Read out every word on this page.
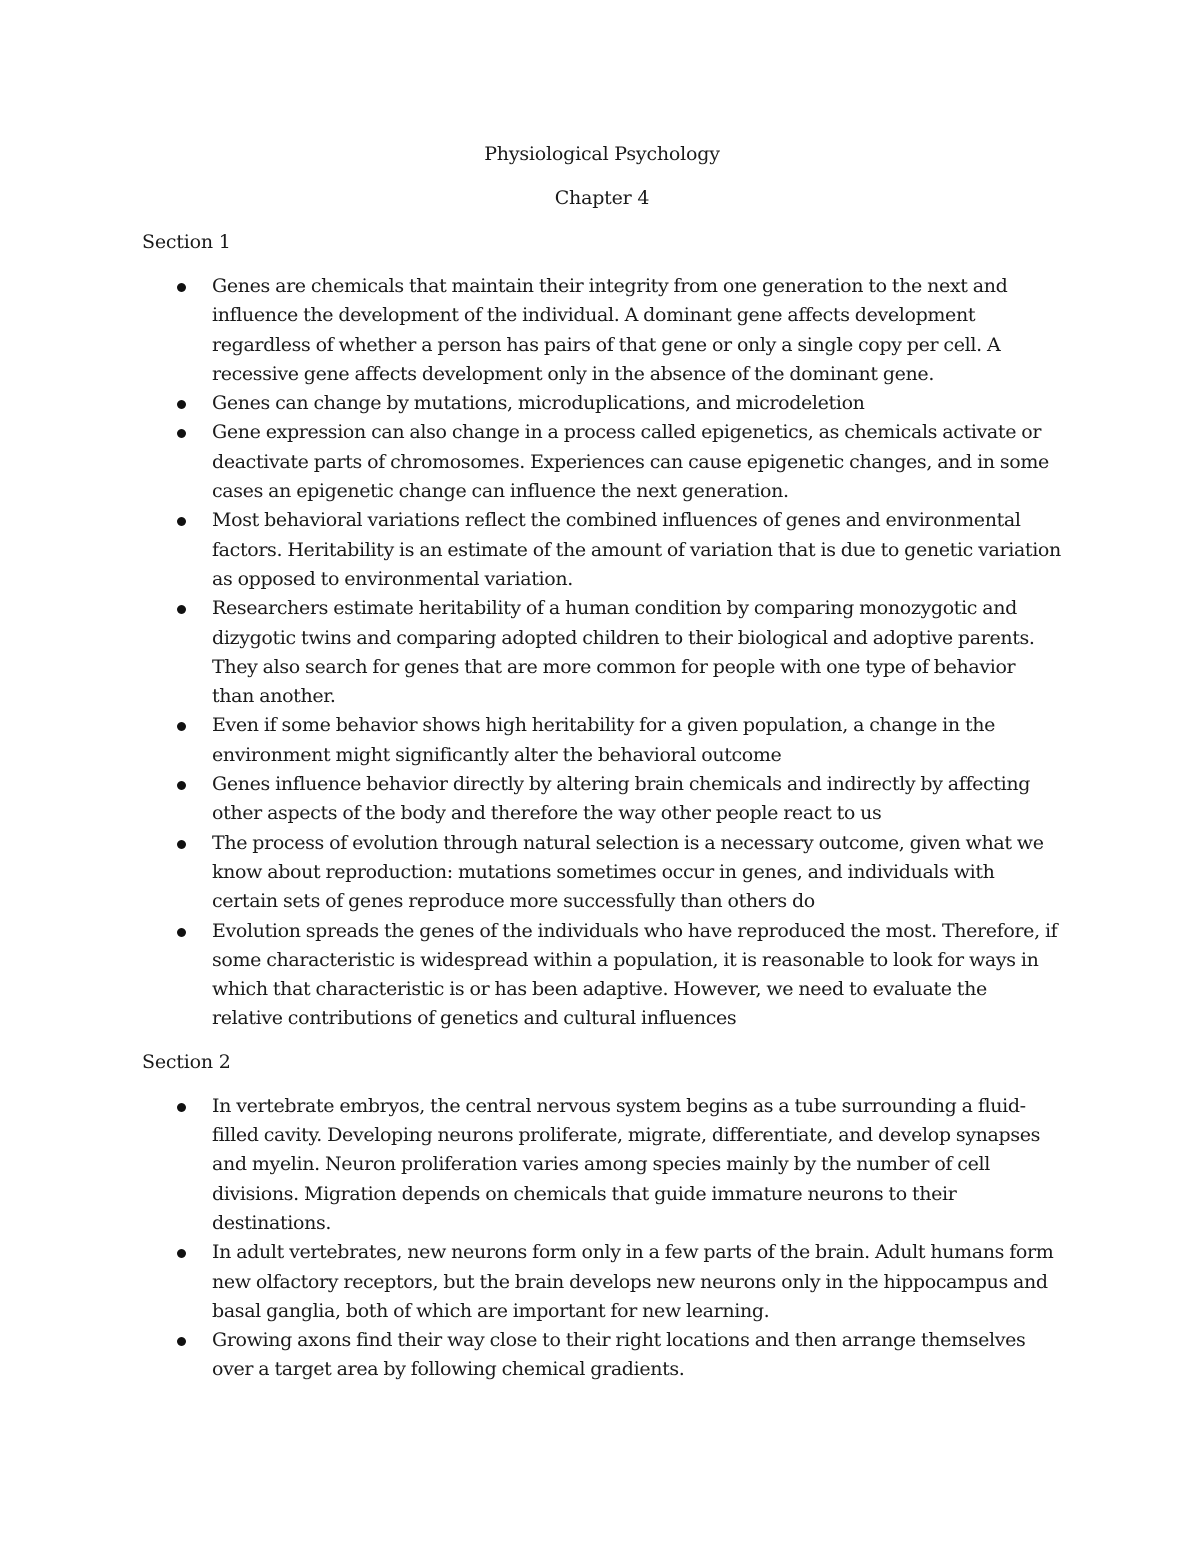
Physiological Psychology

Chapter 4

Section 1

Genes are chemicals that maintain their integrity from one generation to the next and influence the development of the individual. A dominant gene affects development regardless of whether a person has pairs of that gene or only a single copy per cell. A recessive gene affects development only in the absence of the dominant gene.
Genes can change by mutations, microduplications, and microdeletion
Gene expression can also change in a process called epigenetics, as chemicals activate or deactivate parts of chromosomes. Experiences can cause epigenetic changes, and in some cases an epigenetic change can influence the next generation.
Most behavioral variations reflect the combined influences of genes and environmental factors. Heritability is an estimate of the amount of variation that is due to genetic variation as opposed to environmental variation.
Researchers estimate heritability of a human condition by comparing monozygotic and dizygotic twins and comparing adopted children to their biological and adoptive parents. They also search for genes that are more common for people with one type of behavior than another.
Even if some behavior shows high heritability for a given population, a change in the environment might significantly alter the behavioral outcome
Genes influence behavior directly by altering brain chemicals and indirectly by affecting other aspects of the body and therefore the way other people react to us
The process of evolution through natural selection is a necessary outcome, given what we know about reproduction: mutations sometimes occur in genes, and individuals with certain sets of genes reproduce more successfully than others do
Evolution spreads the genes of the individuals who have reproduced the most. Therefore, if some characteristic is widespread within a population, it is reasonable to look for ways in which that characteristic is or has been adaptive. However, we need to evaluate the relative contributions of genetics and cultural influences

Section 2

In vertebrate embryos, the central nervous system begins as a tube surrounding a fluid-filled cavity. Developing neurons proliferate, migrate, differentiate, and develop synapses and myelin. Neuron proliferation varies among species mainly by the number of cell divisions. Migration depends on chemicals that guide immature neurons to their destinations.
In adult vertebrates, new neurons form only in a few parts of the brain. Adult humans form new olfactory receptors, but the brain develops new neurons only in the hippocampus and basal ganglia, both of which are important for new learning.
Growing axons find their way close to their right locations and then arrange themselves over a target area by following chemical gradients.
